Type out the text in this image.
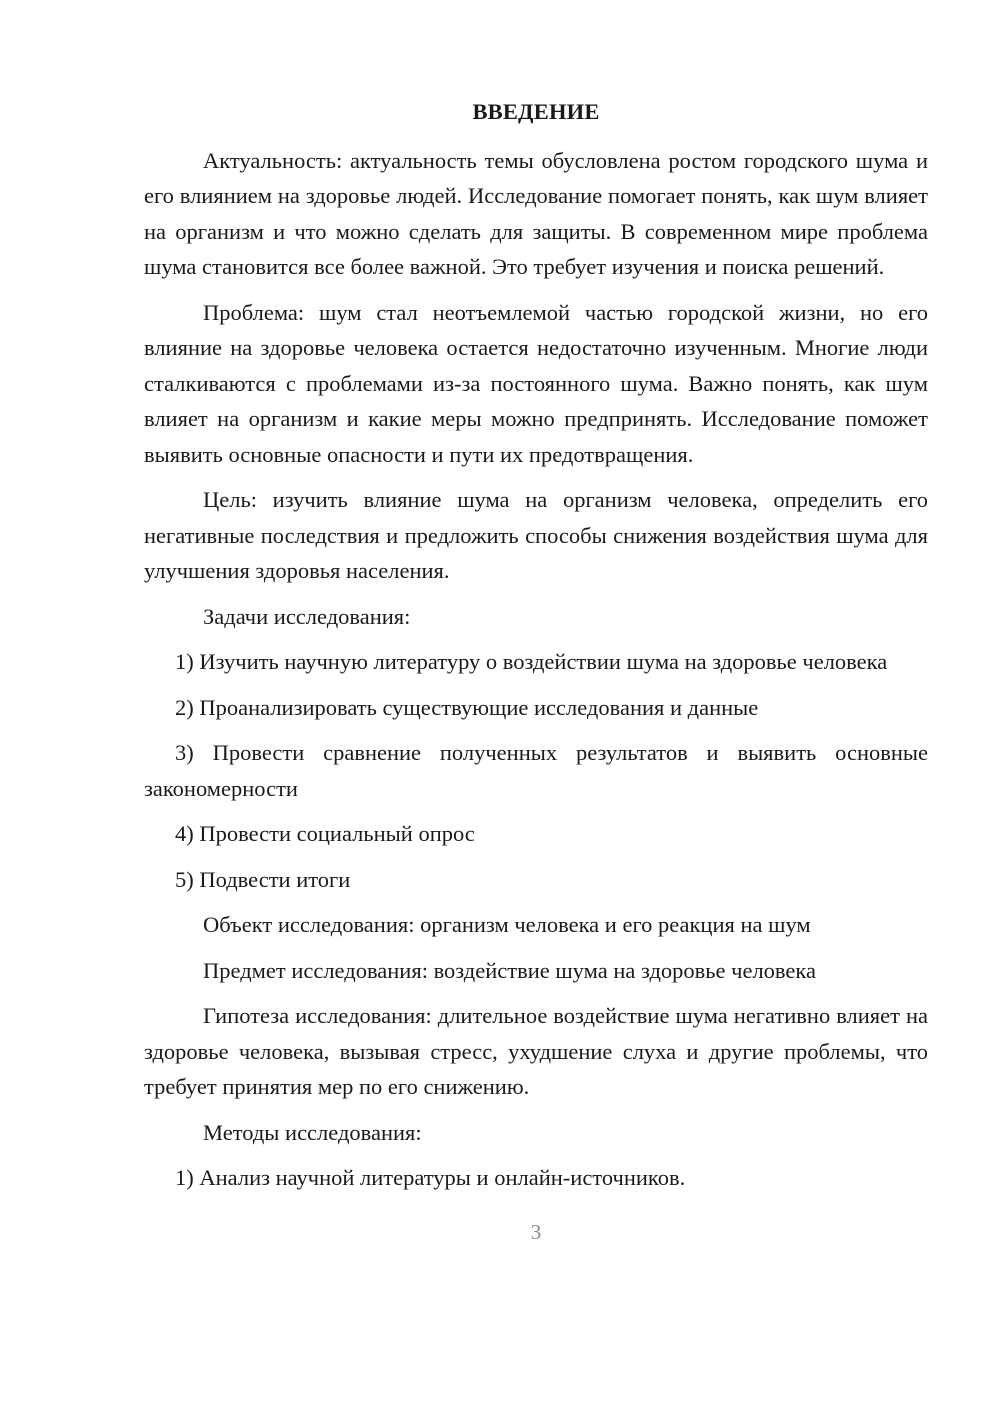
ВВЕДЕНИЕ

Актуальность: актуальность темы обусловлена ростом городского шума и его влиянием на здоровье людей. Исследование помогает понять, как шум влияет на организм и что можно сделать для защиты. В современном мире проблема шума становится все более важной. Это требует изучения и поиска решений.

Проблема: шум стал неотъемлемой частью городской жизни, но его влияние на здоровье человека остается недостаточно изученным. Многие люди сталкиваются с проблемами из-за постоянного шума. Важно понять, как шум влияет на организм и какие меры можно предпринять. Исследование поможет выявить основные опасности и пути их предотвращения.

Цель: изучить влияние шума на организм человека, определить его негативные последствия и предложить способы снижения воздействия шума для улучшения здоровья населения.

Задачи исследования:

1) Изучить научную литературу о воздействии шума на здоровье человека

2) Проанализировать существующие исследования и данные

3) Провести сравнение полученных результатов и выявить основные закономерности

4) Провести социальный опрос

5) Подвести итоги

Объект исследования: организм человека и его реакция на шум

Предмет исследования: воздействие шума на здоровье человека

Гипотеза исследования: длительное воздействие шума негативно влияет на здоровье человека, вызывая стресс, ухудшение слуха и другие проблемы, что требует принятия мер по его снижению.

Методы исследования:

1) Анализ научной литературы и онлайн-источников.

3
